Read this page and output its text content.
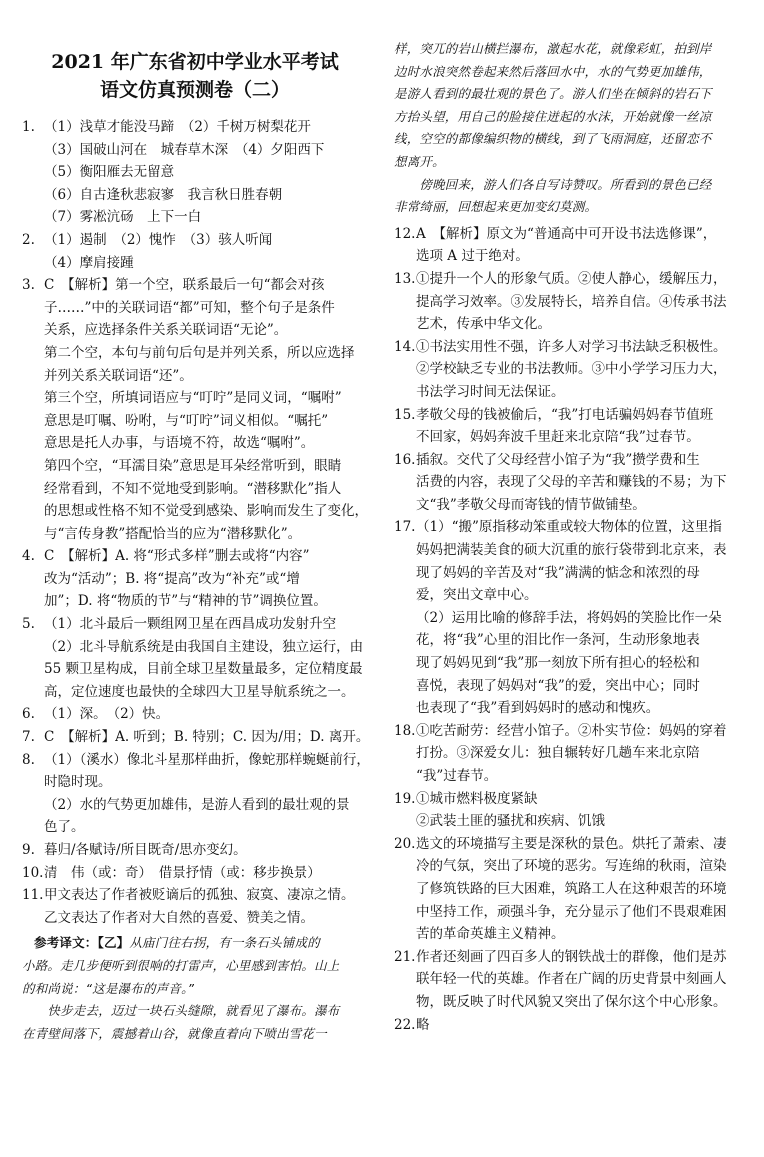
2021 年广东省初中学业水平考试

语文仿真预测卷（二）

1. （1）浅草才能没马蹄　（2）千树万树梨花开
（3）国破山河在　城春草木深　（4）夕阳西下
（5）衡阳雁去无留意
（6）自古逢秋悲寂寥　我言秋日胜春朝
（7）雾凇沆砀　上下一白
2. （1）遏制　（2）愧怍　（3）骇人听闻
（4）摩肩接踵
3. C　【解析】第一个空，联系最后一句“都会对孩
子……”中的关联词语“都”可知，整个句子是条件
关系，应选择条件关系关联词语“无论”。
第二个空，本句与前句后句是并列关系，所以应选择
并列关系关联词语“还”。
第三个空，所填词语应与“叮咛”是同义词，“嘱咐”
意思是叮嘱、吩咐，与“叮咛”词义相似。“嘱托”
意思是托人办事，与语境不符，故选“嘱咐”。
第四个空，“耳濡目染”意思是耳朵经常听到，眼睛
经常看到，不知不觉地受到影响。“潜移默化”指人
的思想或性格不知不觉受到感染、影响而发生了变化，
与“言传身教”搭配恰当的应为“潜移默化”。
4. C　【解析】A. 将“形式多样”删去或将“内容”
改为“活动”；B. 将“提高”改为“补充”或“增
加”；D. 将“物质的节”与“精神的节”调换位置。
5. （1）北斗最后一颗组网卫星在西昌成功发射升空
（2）北斗导航系统是由我国自主建设，独立运行，由
55 颗卫星构成，目前全球卫星数量最多，定位精度最
高，定位速度也最快的全球四大卫星导航系统之一。
6. （1）深。　（2）快。
7. C　【解析】A. 听到；B. 特别；C. 因为/用；D. 离开。
8. （1）（溪水）像北斗星那样曲折，像蛇那样蜿蜒前行，
时隐时现。
（2）水的气势更加雄伟，是游人看到的最壮观的景
色了。
9. 暮归/各赋诗/所目既奇/思亦变幻。
10. 清　伟（或：奇）　借景抒情（或：移步换景）
11. 甲文表达了作者被贬谪后的孤独、寂寞、凄凉之情。
乙文表达了作者对大自然的喜爱、赞美之情。
参考译文：【乙】从庙门往右拐，有一条石头铺成的
小路。走几步便听到很响的打雷声，心里感到害怕。山上
的和尚说：“这是瀑布的声音。”
　　快步走去，迈过一块石头缝隙，就看见了瀑布。瀑布
在青壁间落下，震撼着山谷，就像直着向下喷出雪花一
样，突兀的岩山横拦瀑布，激起水花，就像彩虹，拍到岸
边时水浪突然卷起来然后落回水中，水的气势更加雄伟，
是游人看到的最壮观的景色了。游人们坐在倾斜的岩石下
方抬头望，用自己的脸接住迸起的水沫，开始就像一丝凉
线，空空的都像编织物的横线，到了飞雨洞庭，还留恋不
想离开。
　　傍晚回来，游人们各自写诗赞叹。所看到的景色已经
非常绮丽，回想起来更加变幻莫测。
12. A　【解析】原文为“普通高中可开设书法选修课”，
选项 A 过于绝对。
13. ①提升一个人的形象气质。②使人静心，缓解压力，
提高学习效率。③发展特长，培养自信。④传承书法
艺术，传承中华文化。
14. ①书法实用性不强，许多人对学习书法缺乏积极性。
②学校缺乏专业的书法教师。③中小学学习压力大，
书法学习时间无法保证。
15. 孝敬父母的钱被偷后，“我”打电话骗妈妈春节值班
不回家，妈妈奔波千里赶来北京陪“我”过春节。
16. 插叙。交代了父母经营小馆子为“我”攒学费和生
活费的内容，表现了父母的辛苦和赚钱的不易；为下
文“我”孝敬父母而寄钱的情节做铺垫。
17. （1）“搬”原指移动笨重或较大物体的位置，这里指
妈妈把满装美食的硕大沉重的旅行袋带到北京来，表
现了妈妈的辛苦及对“我”满满的惦念和浓烈的母
爱，突出文章中心。
（2）运用比喻的修辞手法，将妈妈的笑脸比作一朵
花，将“我”心里的泪比作一条河，生动形象地表
现了妈妈见到“我”那一刻放下所有担心的轻松和
喜悦，表现了妈妈对“我”的爱，突出中心；同时
也表现了“我”看到妈妈时的感动和愧疚。
18. ①吃苦耐劳：经营小馆子。②朴实节俭：妈妈的穿着
打扮。③深爱女儿：独自辗转好几趟车来北京陪
“我”过春节。
19. ①城市燃料极度紧缺
②武装土匪的骚扰和疾病、饥饿
20. 选文的环境描写主要是深秋的景色。烘托了萧索、凄
冷的气氛，突出了环境的恶劣。写连绵的秋雨，渲染
了修筑铁路的巨大困难，筑路工人在这种艰苦的环境
中坚持工作，顽强斗争，充分显示了他们不畏艰难困
苦的革命英雄主义精神。
21. 作者还刻画了四百多人的钢铁战士的群像，他们是苏
联年轻一代的英雄。作者在广阔的历史背景中刻画人
物，既反映了时代风貌又突出了保尔这个中心形象。
22. 略
